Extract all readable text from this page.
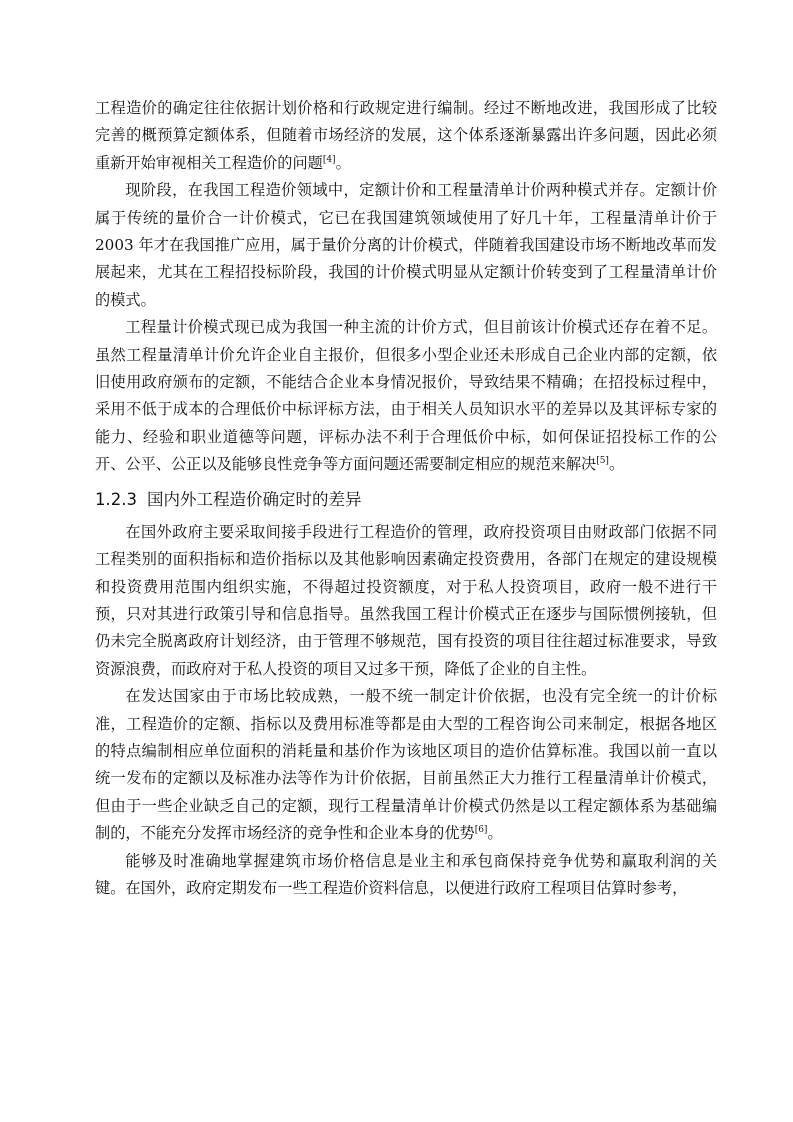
工程造价的确定往往依据计划价格和行政规定进行编制。经过不断地改进，我国形成了比较完善的概预算定额体系，但随着市场经济的发展，这个体系逐渐暴露出许多问题，因此必须重新开始审视相关工程造价的问题[4]。

现阶段，在我国工程造价领域中，定额计价和工程量清单计价两种模式并存。定额计价属于传统的量价合一计价模式，它已在我国建筑领域使用了好几十年，工程量清单计价于 2003 年才在我国推广应用，属于量价分离的计价模式，伴随着我国建设市场不断地改革而发展起来，尤其在工程招投标阶段，我国的计价模式明显从定额计价转变到了工程量清单计价的模式。

工程量计价模式现已成为我国一种主流的计价方式，但目前该计价模式还存在着不足。虽然工程量清单计价允许企业自主报价，但很多小型企业还未形成自己企业内部的定额，依旧使用政府颁布的定额，不能结合企业本身情况报价，导致结果不精确；在招投标过程中，采用不低于成本的合理低价中标评标方法，由于相关人员知识水平的差异以及其评标专家的能力、经验和职业道德等问题，评标办法不利于合理低价中标，如何保证招投标工作的公开、公平、公正以及能够良性竞争等方面问题还需要制定相应的规范来解决[5]。

1.2.3 国内外工程造价确定时的差异

在国外政府主要采取间接手段进行工程造价的管理，政府投资项目由财政部门依据不同工程类别的面积指标和造价指标以及其他影响因素确定投资费用，各部门在规定的建设规模和投资费用范围内组织实施，不得超过投资额度，对于私人投资项目，政府一般不进行干预，只对其进行政策引导和信息指导。虽然我国工程计价模式正在逐步与国际惯例接轨，但仍未完全脱离政府计划经济，由于管理不够规范，国有投资的项目往往超过标准要求，导致资源浪费，而政府对于私人投资的项目又过多干预，降低了企业的自主性。

在发达国家由于市场比较成熟，一般不统一制定计价依据，也没有完全统一的计价标准，工程造价的定额、指标以及费用标准等都是由大型的工程咨询公司来制定，根据各地区的特点编制相应单位面积的消耗量和基价作为该地区项目的造价估算标准。我国以前一直以统一发布的定额以及标准办法等作为计价依据，目前虽然正大力推行工程量清单计价模式，但由于一些企业缺乏自己的定额，现行工程量清单计价模式仍然是以工程定额体系为基础编制的，不能充分发挥市场经济的竞争性和企业本身的优势[6]。

能够及时准确地掌握建筑市场价格信息是业主和承包商保持竞争优势和赢取利润的关键。在国外，政府定期发布一些工程造价资料信息，以便进行政府工程项目估算时参考，
